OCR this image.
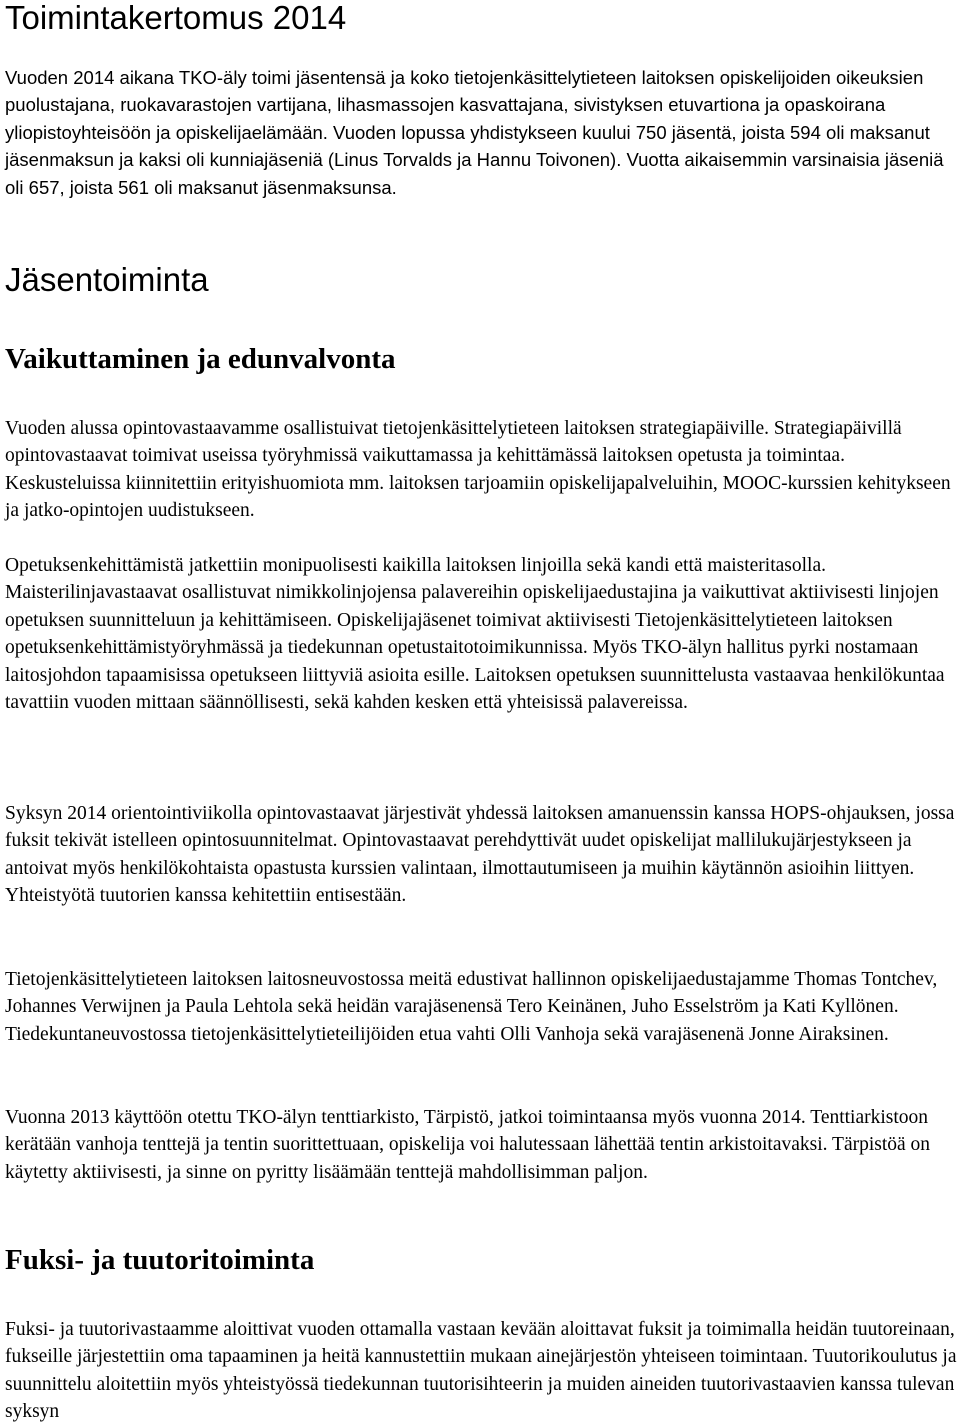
Toimintakertomus 2014

Vuoden 2014 aikana TKO-äly toimi jäsentensä ja koko tietojenkäsittelytieteen laitoksen opiskelijoiden oikeuksien puolustajana, ruokavarastojen vartijana, lihasmassojen kasvattajana, sivistyksen etuvartiona ja opaskoirana yliopistoyhteisöön ja opiskelijaelämään. Vuoden lopussa yhdistykseen kuului 750 jäsentä, joista 594 oli maksanut jäsenmaksun ja kaksi oli kunniajäseniä (Linus Torvalds ja Hannu Toivonen). Vuotta aikaisemmin varsinaisia jäseniä oli 657, joista 561 oli maksanut jäsenmaksunsa.

Jäsentoiminta
Vaikuttaminen ja edunvalvonta

Vuoden alussa opintovastaavamme osallistuivat tietojenkäsittelytieteen laitoksen strategiapäiville. Strategiapäivillä opintovastaavat toimivat useissa työryhmissä vaikuttamassa ja kehittämässä laitoksen opetusta ja toimintaa. Keskusteluissa kiinnitettiin erityishuomiota mm. laitoksen tarjoamiin opiskelijapalveluihin, MOOC-kurssien kehitykseen ja jatko-opintojen uudistukseen.

Opetuksenkehittämistä jatkettiin monipuolisesti kaikilla laitoksen linjoilla sekä kandi että maisteritasolla. Maisterilinjavastaavat osallistuvat nimikkolinjojensa palavereihin opiskelijaedustajina ja vaikuttivat aktiivisesti linjojen opetuksen suunnitteluun ja kehittämiseen. Opiskelijajäsenet toimivat aktiivisesti Tietojenkäsittelytieteen laitoksen opetuksenkehittämistyöryhmässä ja tiedekunnan opetustaitotoimikunnissa. Myös TKO-älyn hallitus pyrki nostamaan laitosjohdon tapaamisissa opetukseen liittyviä asioita esille. Laitoksen opetuksen suunnittelusta vastaavaa henkilökuntaa tavattiin vuoden mittaan säännöllisesti, sekä kahden kesken että yhteisissä palavereissa.

Syksyn 2014 orientointiviikolla opintovastaavat järjestivät yhdessä laitoksen amanuenssin kanssa HOPS-ohjauksen, jossa fuksit tekivät istelleen opintosuunnitelmat. Opintovastaavat perehdyttivät uudet opiskelijat mallilukujärjestykseen ja antoivat myös henkilökohtaista opastusta kurssien valintaan, ilmottautumiseen ja muihin käytännön asioihin liittyen. Yhteistyötä tuutorien kanssa kehitettiin entisestään.

Tietojenkäsittelytieteen laitoksen laitosneuvostossa meitä edustivat hallinnon opiskelijaedustajamme Thomas Tontchev, Johannes Verwijnen ja Paula Lehtola sekä heidän varajäsenensä Tero Keinänen, Juho Esselström ja Kati Kyllönen. Tiedekuntaneuvostossa tietojenkäsittelytieteilijöiden etua vahti Olli Vanhoja sekä varajäsenenä Jonne Airaksinen.

Vuonna 2013 käyttöön otettu TKO-älyn tenttiarkisto, Tärpistö, jatkoi toimintaansa myös vuonna 2014. Tenttiarkistoon kerätään vanhoja tenttejä ja tentin suorittettuaan, opiskelija voi halutessaan lähettää tentin arkistoitavaksi. Tärpistöä on käytetty aktiivisesti, ja sinne on pyritty lisäämään tenttejä mahdollisimman paljon.

Fuksi- ja tuutoritoiminta

Fuksi- ja tuutorivastaamme aloittivat vuoden ottamalla vastaan kevään aloittavat fuksit ja toimimalla heidän tuutoreinaan, fukseille järjestettiin oma tapaaminen ja heitä kannustettiin mukaan ainejärjestön yhteiseen toimintaan. Tuutorikoulutus ja suunnittelu aloitettiin myös yhteistyössä tiedekunnan tuutorisihteerin ja muiden aineiden tuutorivastaavien kanssa tulevan syksyn
